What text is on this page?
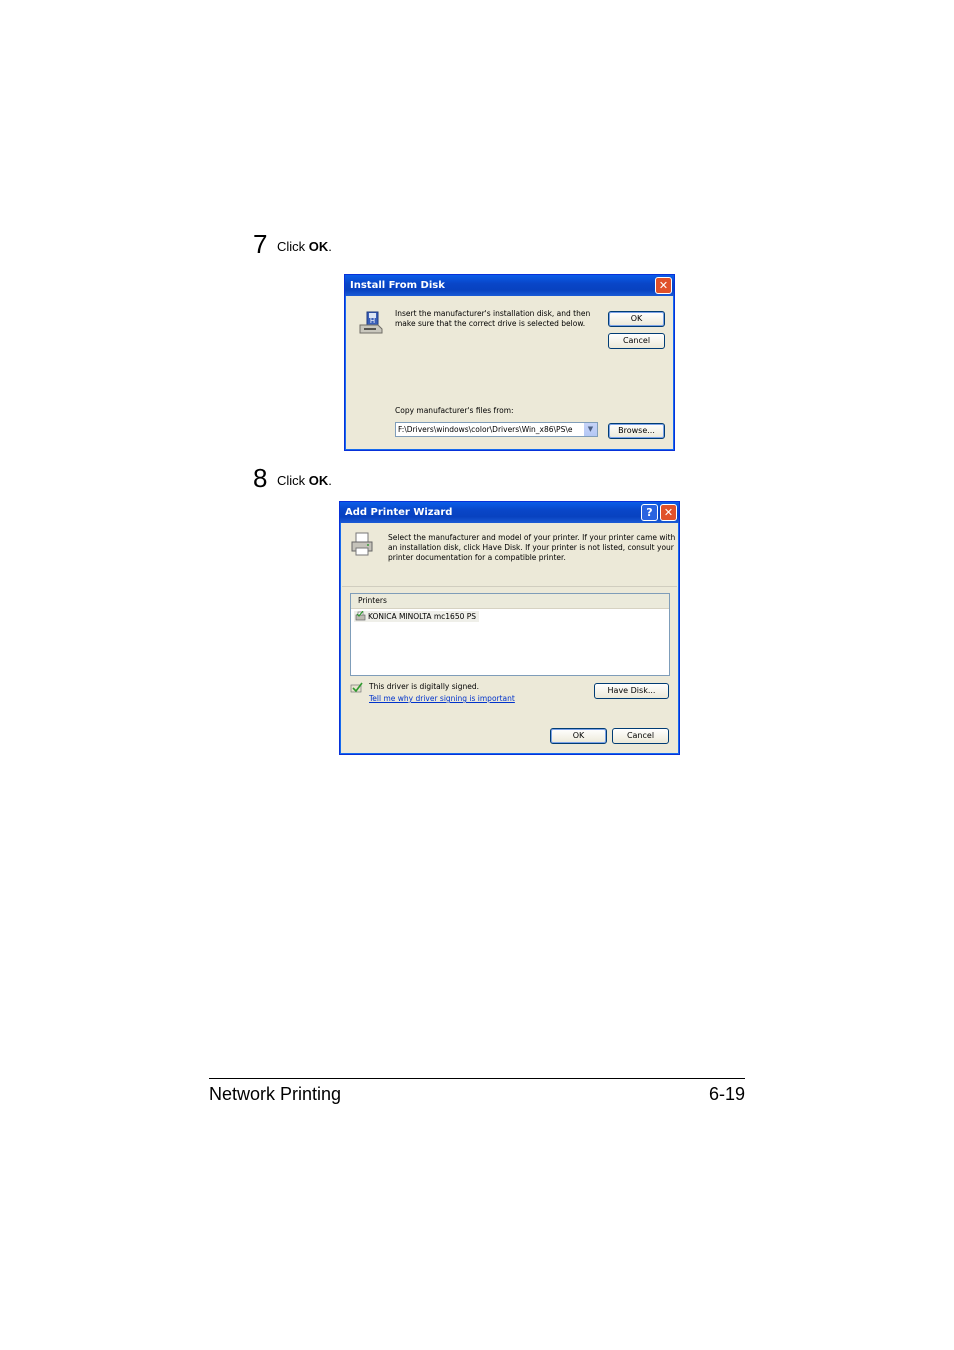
7 Click OK.
Install From Disk	✕
H
Insert the manufacturer's installation disk, and then
make sure that the correct drive is selected below.
OK
Cancel
Copy manufacturer's files from:
F:\Drivers\windows\color\Drivers\Win_x86\PS\e	▼	Browse...
8 Click OK.
Add Printer Wizard	?	✕
Select the manufacturer and model of your printer. If your printer came with
an installation disk, click Have Disk. If your printer is not listed, consult your
printer documentation for a compatible printer.
Printers
KONICA MINOLTA mc1650 PS
This driver is digitally signed.
Tell me why driver signing is important
Have Disk...
OK	Cancel
Network Printing	6-19
